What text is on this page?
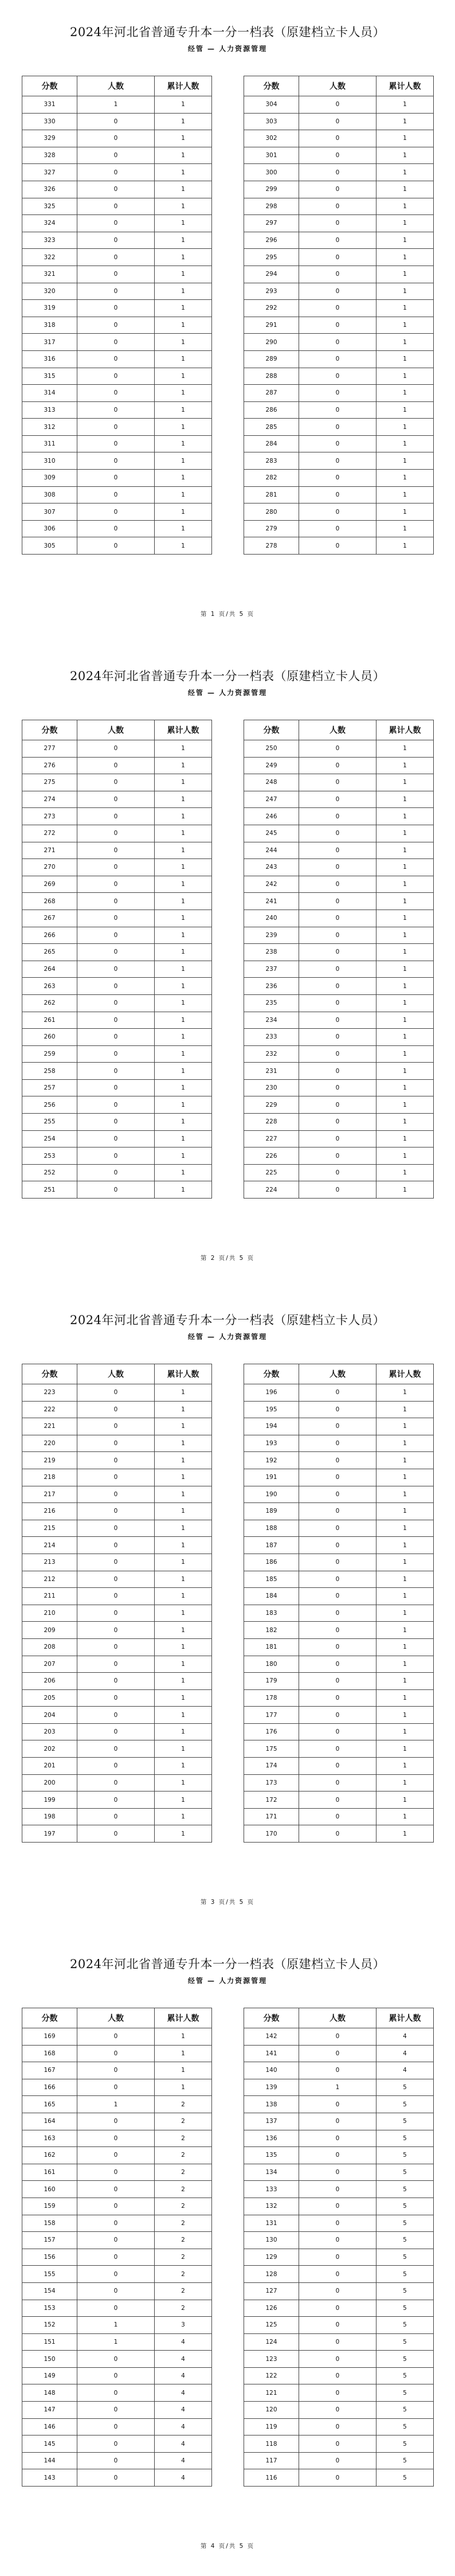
2024年河北省普通专升本一分一档表（原建档立卡人员）
经管 — 人力资源管理
分数	人数	累计人数
331	1	1
330	0	1
329	0	1
328	0	1
327	0	1
326	0	1
325	0	1
324	0	1
323	0	1
322	0	1
321	0	1
320	0	1
319	0	1
318	0	1
317	0	1
316	0	1
315	0	1
314	0	1
313	0	1
312	0	1
311	0	1
310	0	1
309	0	1
308	0	1
307	0	1
306	0	1
305	0	1
分数	人数	累计人数
304	0	1
303	0	1
302	0	1
301	0	1
300	0	1
299	0	1
298	0	1
297	0	1
296	0	1
295	0	1
294	0	1
293	0	1
292	0	1
291	0	1
290	0	1
289	0	1
288	0	1
287	0	1
286	0	1
285	0	1
284	0	1
283	0	1
282	0	1
281	0	1
280	0	1
279	0	1
278	0	1
第 1 页/共 5 页
2024年河北省普通专升本一分一档表（原建档立卡人员）
经管 — 人力资源管理
分数	人数	累计人数
277	0	1
276	0	1
275	0	1
274	0	1
273	0	1
272	0	1
271	0	1
270	0	1
269	0	1
268	0	1
267	0	1
266	0	1
265	0	1
264	0	1
263	0	1
262	0	1
261	0	1
260	0	1
259	0	1
258	0	1
257	0	1
256	0	1
255	0	1
254	0	1
253	0	1
252	0	1
251	0	1
分数	人数	累计人数
250	0	1
249	0	1
248	0	1
247	0	1
246	0	1
245	0	1
244	0	1
243	0	1
242	0	1
241	0	1
240	0	1
239	0	1
238	0	1
237	0	1
236	0	1
235	0	1
234	0	1
233	0	1
232	0	1
231	0	1
230	0	1
229	0	1
228	0	1
227	0	1
226	0	1
225	0	1
224	0	1
第 2 页/共 5 页
2024年河北省普通专升本一分一档表（原建档立卡人员）
经管 — 人力资源管理
分数	人数	累计人数
223	0	1
222	0	1
221	0	1
220	0	1
219	0	1
218	0	1
217	0	1
216	0	1
215	0	1
214	0	1
213	0	1
212	0	1
211	0	1
210	0	1
209	0	1
208	0	1
207	0	1
206	0	1
205	0	1
204	0	1
203	0	1
202	0	1
201	0	1
200	0	1
199	0	1
198	0	1
197	0	1
分数	人数	累计人数
196	0	1
195	0	1
194	0	1
193	0	1
192	0	1
191	0	1
190	0	1
189	0	1
188	0	1
187	0	1
186	0	1
185	0	1
184	0	1
183	0	1
182	0	1
181	0	1
180	0	1
179	0	1
178	0	1
177	0	1
176	0	1
175	0	1
174	0	1
173	0	1
172	0	1
171	0	1
170	0	1
第 3 页/共 5 页
2024年河北省普通专升本一分一档表（原建档立卡人员）
经管 — 人力资源管理
分数	人数	累计人数
169	0	1
168	0	1
167	0	1
166	0	1
165	1	2
164	0	2
163	0	2
162	0	2
161	0	2
160	0	2
159	0	2
158	0	2
157	0	2
156	0	2
155	0	2
154	0	2
153	0	2
152	1	3
151	1	4
150	0	4
149	0	4
148	0	4
147	0	4
146	0	4
145	0	4
144	0	4
143	0	4
分数	人数	累计人数
142	0	4
141	0	4
140	0	4
139	1	5
138	0	5
137	0	5
136	0	5
135	0	5
134	0	5
133	0	5
132	0	5
131	0	5
130	0	5
129	0	5
128	0	5
127	0	5
126	0	5
125	0	5
124	0	5
123	0	5
122	0	5
121	0	5
120	0	5
119	0	5
118	0	5
117	0	5
116	0	5
第 4 页/共 5 页
